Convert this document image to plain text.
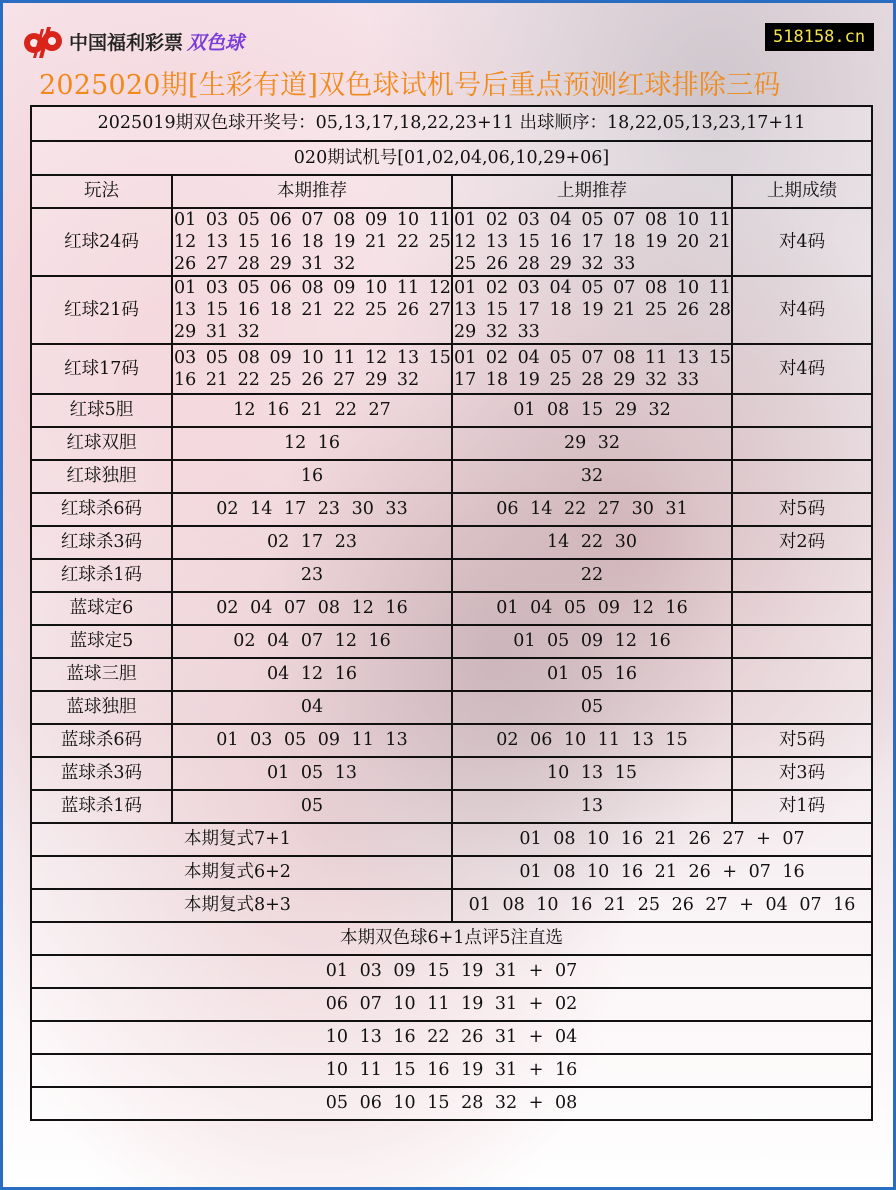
中国福利彩票 双色球	518158.cn
2025020期[生彩有道]双色球试机号后重点预测红球排除三码
2025019期双色球开奖号：05,13,17,18,22,23+11 出球顺序：18,22,05,13,23,17+11			
020期试机号[01,02,04,06,10,29+06]			
玩法	本期推荐	上期推荐	上期成绩
红球24码	01 03 05 06 07 08 09 10 11 12 13 15 16 18 19 21 22 25 26 27 28 29 31 32	01 02 03 04 05 07 08 10 11 12 13 15 16 17 18 19 20 21 25 26 28 29 32 33	对4码
红球21码	01 03 05 06 08 09 10 11 12 13 15 16 18 21 22 25 26 27 29 31 32	01 02 03 04 05 07 08 10 11 13 15 17 18 19 21 25 26 28 29 32 33	对4码
红球17码	03 05 08 09 10 11 12 13 15 16 21 22 25 26 27 29 32	01 02 04 05 07 08 11 13 15 17 18 19 25 28 29 32 33	对4码
红球5胆	12 16 21 22 27	01 08 15 29 32	
红球双胆	12 16	29 32	
红球独胆	16	32	
红球杀6码	02 14 17 23 30 33	06 14 22 27 30 31	对5码
红球杀3码	02 17 23	14 22 30	对2码
红球杀1码	23	22	
蓝球定6	02 04 07 08 12 16	01 04 05 09 12 16	
蓝球定5	02 04 07 12 16	01 05 09 12 16	
蓝球三胆	04 12 16	01 05 16	
蓝球独胆	04	05	
蓝球杀6码	01 03 05 09 11 13	02 06 10 11 13 15	对5码
蓝球杀3码	01 05 13	10 13 15	对3码
蓝球杀1码	05	13	对1码
本期复式7+1		01 08 10 16 21 26 27 + 07	
本期复式6+2		01 08 10 16 21 26 + 07 16	
本期复式8+3		01 08 10 16 21 25 26 27 + 04 07 16	
本期双色球6+1点评5注直选			
01 03 09 15 19 31 + 07			
06 07 10 11 19 31 + 02			
10 13 16 22 26 31 + 04			
10 11 15 16 19 31 + 16			
05 06 10 15 28 32 + 08			
